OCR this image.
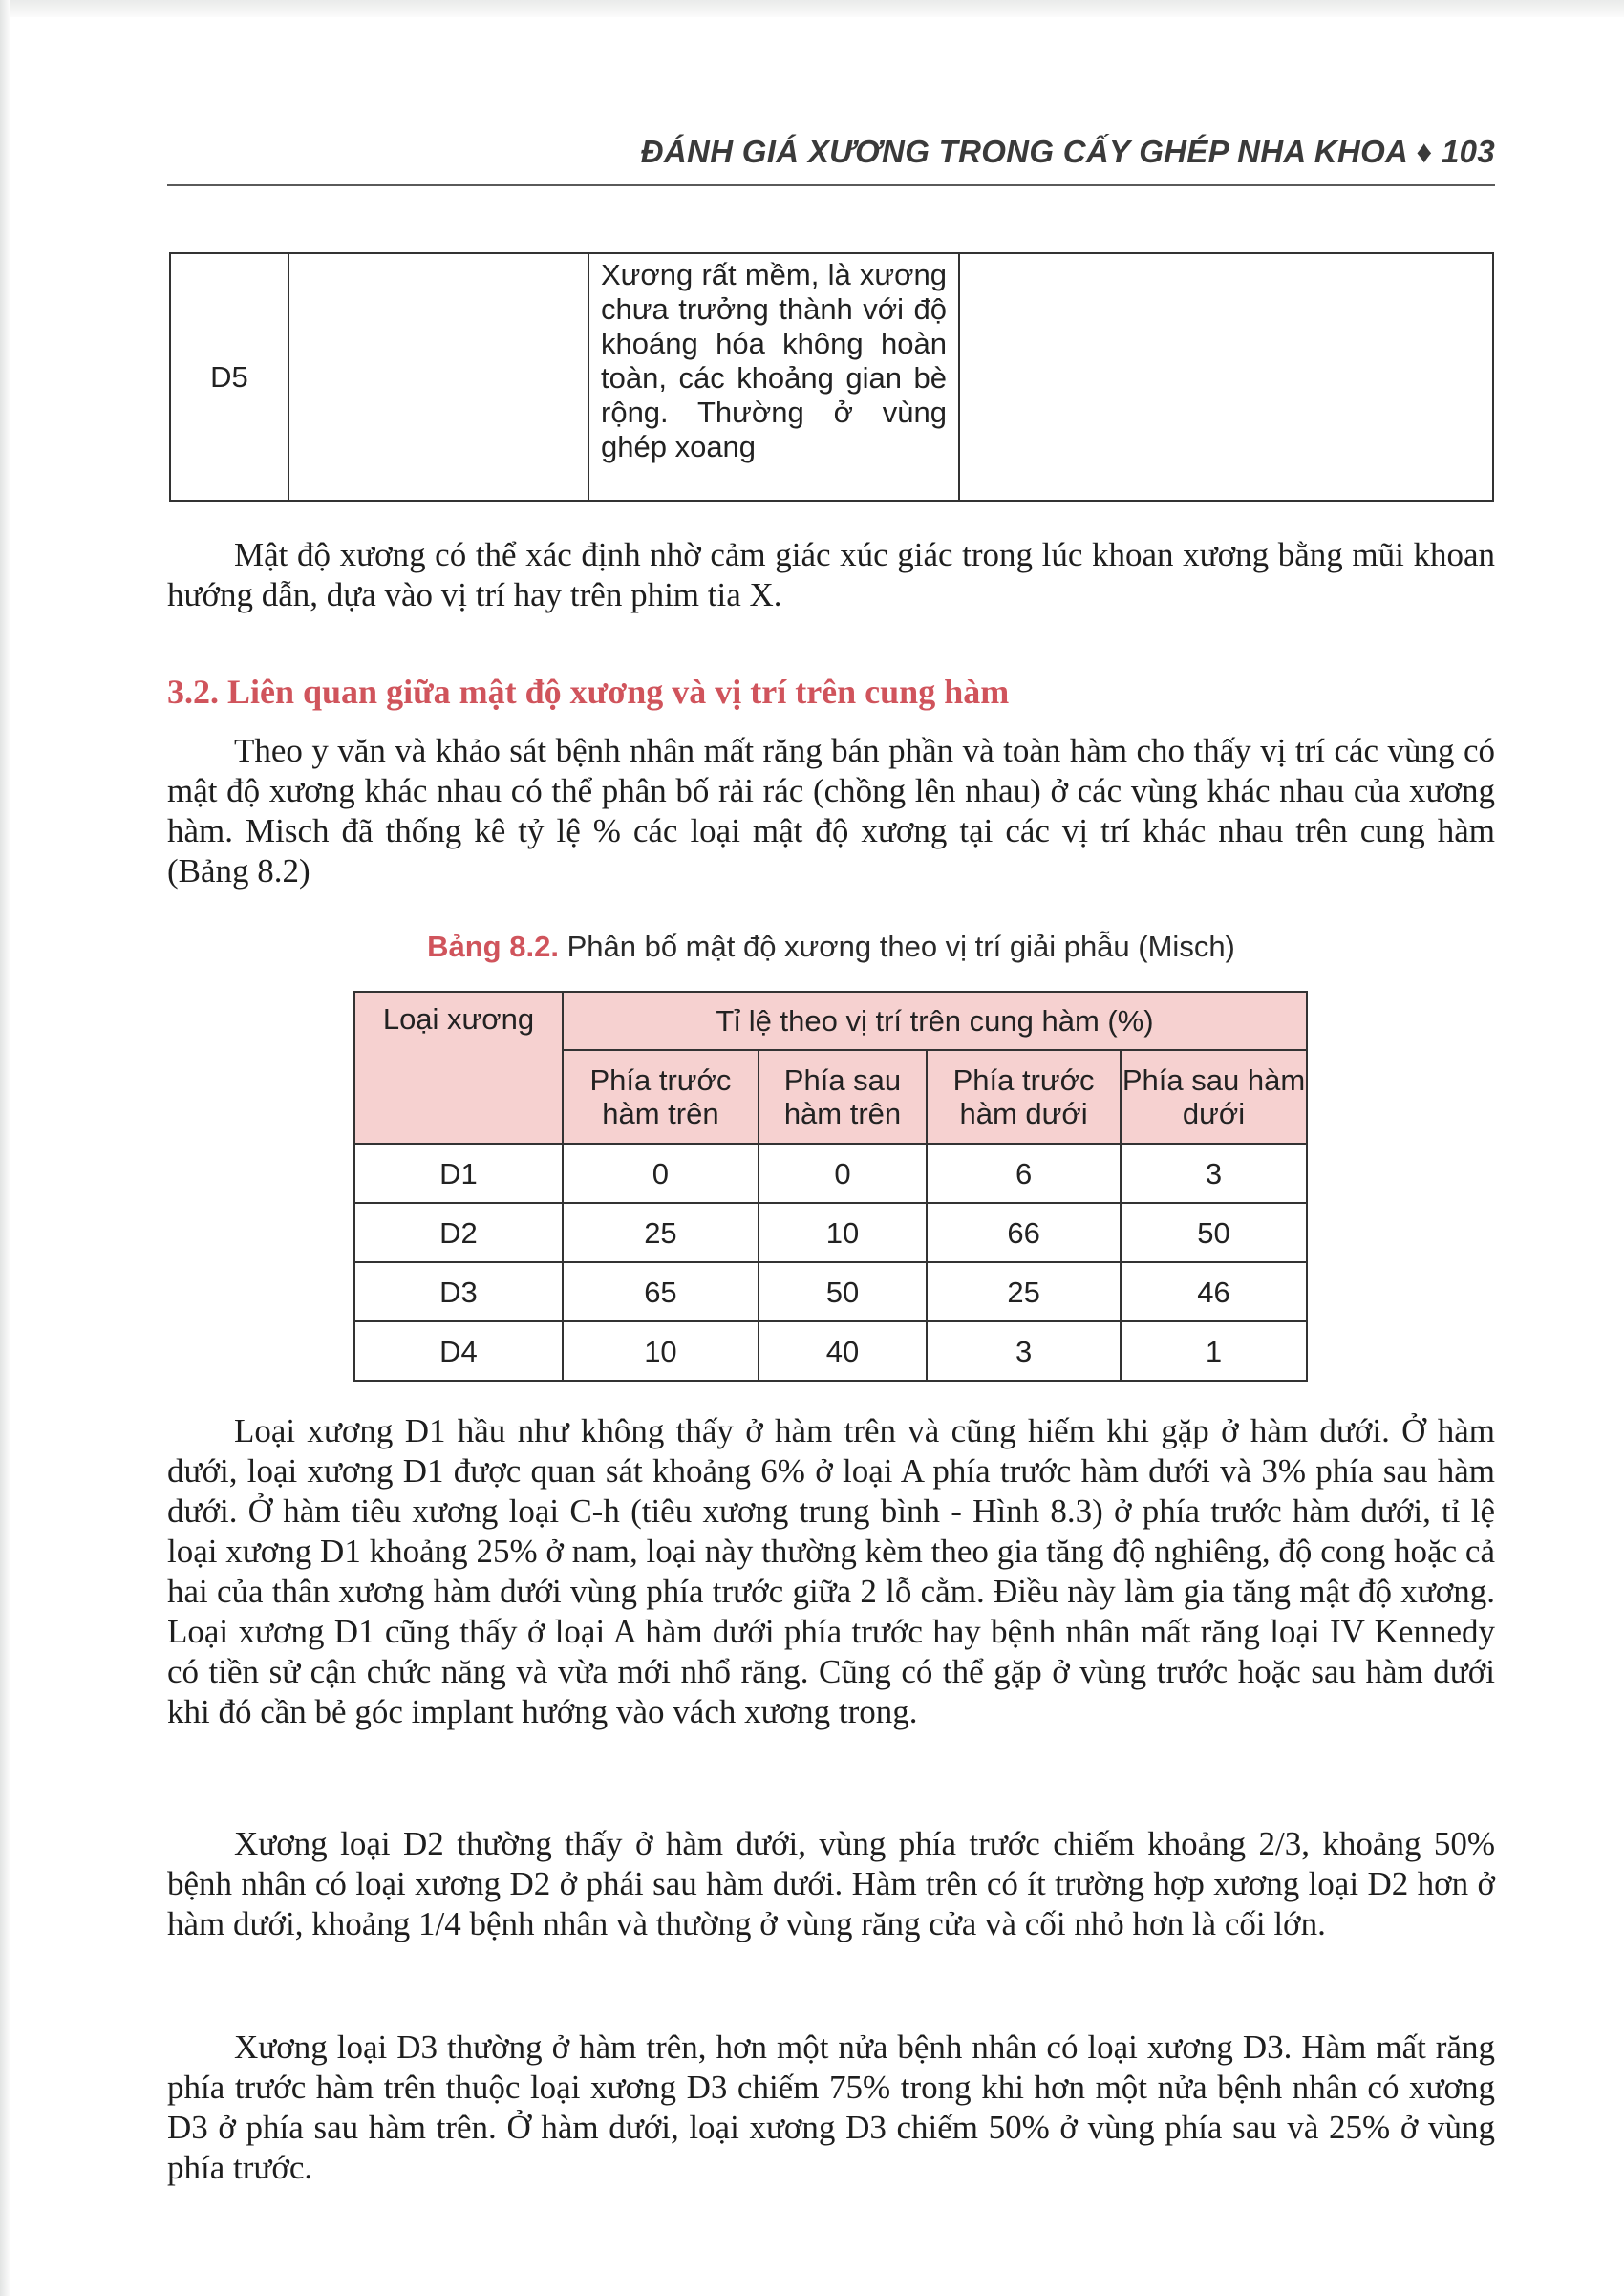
ĐÁNH GIÁ XƯƠNG TRONG CẤY GHÉP NHA KHOA ♦ 103
D5		Xương rất mềm, là xương chưa trưởng thành với độ khoáng hóa không hoàn toàn, các khoảng gian bè rộng. Thường ở vùng ghép xoang	
Mật độ xương có thể xác định nhờ cảm giác xúc giác trong lúc khoan xương bằng mũi khoan hướng dẫn, dựa vào vị trí hay trên phim tia X.
3.2. Liên quan giữa mật độ xương và vị trí trên cung hàm
Theo y văn và khảo sát bệnh nhân mất răng bán phần và toàn hàm cho thấy vị trí các vùng có mật độ xương khác nhau có thể phân bố rải rác (chồng lên nhau) ở các vùng khác nhau của xương hàm. Misch đã thống kê tỷ lệ % các loại mật độ xương tại các vị trí khác nhau trên cung hàm (Bảng 8.2)
Bảng 8.2. Phân bố mật độ xương theo vị trí giải phẫu (Misch)
Loại xương	Tỉ lệ theo vị trí trên cung hàm (%)			
	Phía trước hàm trên	Phía sau hàm trên	Phía trước hàm dưới	Phía sau hàm dưới
D1	0	0	6	3
D2	25	10	66	50
D3	65	50	25	46
D4	10	40	3	1
Loại xương D1 hầu như không thấy ở hàm trên và cũng hiếm khi gặp ở hàm dưới. Ở hàm dưới, loại xương D1 được quan sát khoảng 6% ở loại A phía trước hàm dưới và 3% phía sau hàm dưới. Ở hàm tiêu xương loại C-h (tiêu xương trung bình - Hình 8.3) ở phía trước hàm dưới, tỉ lệ loại xương D1 khoảng 25% ở nam, loại này thường kèm theo gia tăng độ nghiêng, độ cong hoặc cả hai của thân xương hàm dưới vùng phía trước giữa 2 lỗ cằm. Điều này làm gia tăng mật độ xương. Loại xương D1 cũng thấy ở loại A hàm dưới phía trước hay bệnh nhân mất răng loại IV Kennedy có tiền sử cận chức năng và vừa mới nhổ răng. Cũng có thể gặp ở vùng trước hoặc sau hàm dưới khi đó cần bẻ góc implant hướng vào vách xương trong.
Xương loại D2 thường thấy ở hàm dưới, vùng phía trước chiếm khoảng 2/3, khoảng 50% bệnh nhân có loại xương D2 ở phái sau hàm dưới. Hàm trên có ít trường hợp xương loại D2 hơn ở hàm dưới, khoảng 1/4 bệnh nhân và thường ở vùng răng cửa và cối nhỏ hơn là cối lớn.
Xương loại D3 thường ở hàm trên, hơn một nửa bệnh nhân có loại xương D3. Hàm mất răng phía trước hàm trên thuộc loại xương D3 chiếm 75% trong khi hơn một nửa bệnh nhân có xương D3 ở phía sau hàm trên. Ở hàm dưới, loại xương D3 chiếm 50% ở vùng phía sau và 25% ở vùng phía trước.
